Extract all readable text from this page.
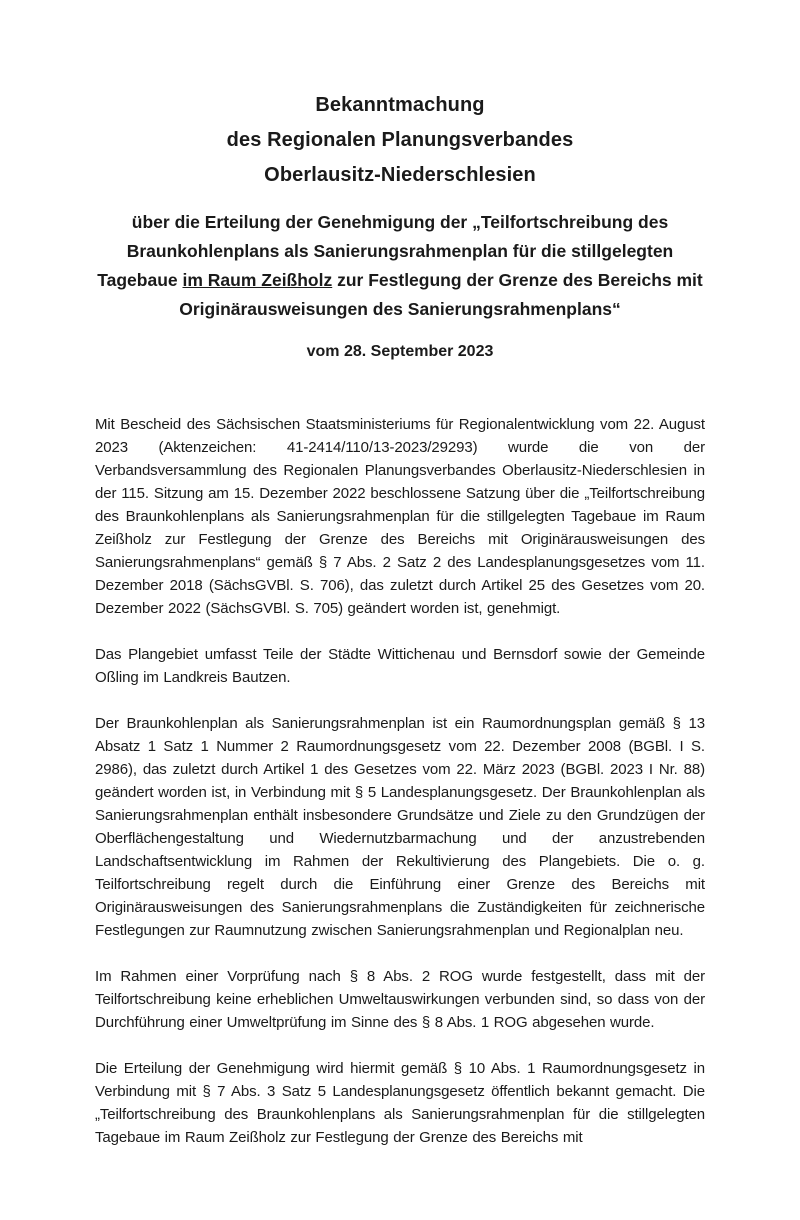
Bekanntmachung
des Regionalen Planungsverbandes
Oberlausitz-Niederschlesien
über die Erteilung der Genehmigung der „Teilfortschreibung des Braunkohlenplans als Sanierungsrahmenplan für die stillgelegten Tagebaue im Raum Zeißholz zur Festlegung der Grenze des Bereichs mit Originärausweisungen des Sanierungsrahmenplans“

vom 28. September 2023

Mit Bescheid des Sächsischen Staatsministeriums für Regionalentwicklung vom 22. August 2023 (Aktenzeichen: 41-2414/110/13-2023/29293) wurde die von der Verbandsversammlung des Regionalen Planungsverbandes Oberlausitz-Niederschlesien in der 115. Sitzung am 15. Dezember 2022 beschlossene Satzung über die „Teilfortschreibung des Braunkohlenplans als Sanierungsrahmenplan für die stillgelegten Tagebaue im Raum Zeißholz zur Festlegung der Grenze des Bereichs mit Originärausweisungen des Sanierungsrahmenplans“ gemäß § 7 Abs. 2 Satz 2 des Landesplanungsgesetzes vom 11. Dezember 2018 (SächsGVBl. S. 706), das zuletzt durch Artikel 25 des Gesetzes vom 20. Dezember 2022 (SächsGVBl. S. 705) geändert worden ist, genehmigt.

Das Plangebiet umfasst Teile der Städte Wittichenau und Bernsdorf sowie der Gemeinde Oßling im Landkreis Bautzen.

Der Braunkohlenplan als Sanierungsrahmenplan ist ein Raumordnungsplan gemäß § 13 Absatz 1 Satz 1 Nummer 2 Raumordnungsgesetz vom 22. Dezember 2008 (BGBl. I S. 2986), das zuletzt durch Artikel 1 des Gesetzes vom 22. März 2023 (BGBl. 2023 I Nr. 88) geändert worden ist, in Verbindung mit § 5 Landesplanungsgesetz. Der Braunkohlenplan als Sanierungsrahmenplan enthält insbesondere Grundsätze und Ziele zu den Grundzügen der Oberflächengestaltung und Wiedernutzbarmachung und der anzustrebenden Landschaftsentwicklung im Rahmen der Rekultivierung des Plangebiets. Die o. g. Teilfortschreibung regelt durch die Einführung einer Grenze des Bereichs mit Originärausweisungen des Sanierungsrahmenplans die Zuständigkeiten für zeichnerische Festlegungen zur Raumnutzung zwischen Sanierungsrahmenplan und Regionalplan neu.

Im Rahmen einer Vorprüfung nach § 8 Abs. 2 ROG wurde festgestellt, dass mit der Teilfortschreibung keine erheblichen Umweltauswirkungen verbunden sind, so dass von der Durchführung einer Umweltprüfung im Sinne des § 8 Abs. 1 ROG abgesehen wurde.

Die Erteilung der Genehmigung wird hiermit gemäß § 10 Abs. 1 Raumordnungsgesetz in Verbindung mit § 7 Abs. 3 Satz 5 Landesplanungsgesetz öffentlich bekannt gemacht. Die „Teilfortschreibung des Braunkohlenplans als Sanierungsrahmenplan für die stillgelegten Tagebaue im Raum Zeißholz zur Festlegung der Grenze des Bereichs mit
